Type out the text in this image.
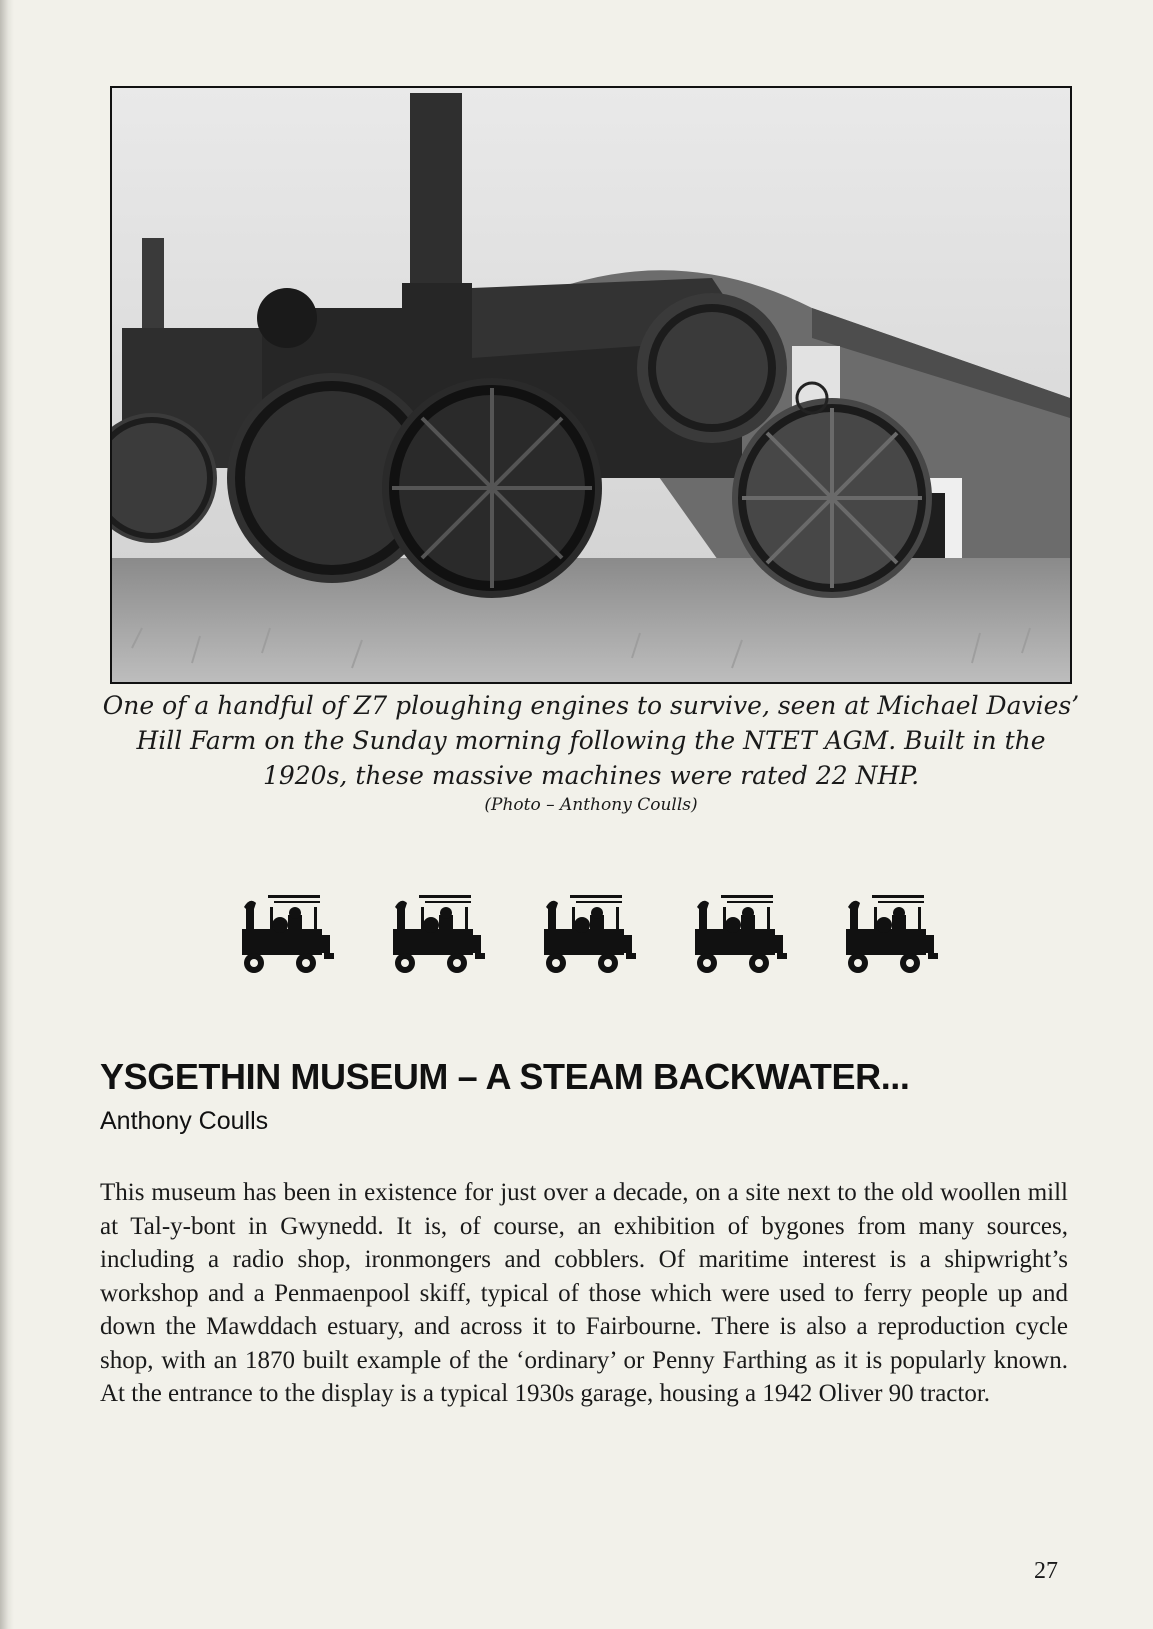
One of a handful of Z7 ploughing engines to survive, seen at Michael Davies’

Hill Farm on the Sunday morning following the NTET AGM. Built in the

1920s, these massive machines were rated 22 NHP.

(Photo – Anthony Coulls)
YSGETHIN MUSEUM – A STEAM BACKWATER...
Anthony Coulls

This museum has been in existence for just over a decade, on a site next to the old woollen mill at Tal-y-bont in Gwynedd. It is, of course, an exhibition of bygones from many sources, including a radio shop, ironmongers and cobblers. Of maritime interest is a shipwright’s workshop and a Penmaenpool skiff, typical of those which were used to ferry people up and down the Mawddach estuary, and across it to Fairbourne. There is also a reproduction cycle shop, with an 1870 built example of the ‘ordinary’ or Penny Farthing as it is popularly known. At the entrance to the display is a typical 1930s garage, housing a 1942 Oliver 90 tractor.

27
